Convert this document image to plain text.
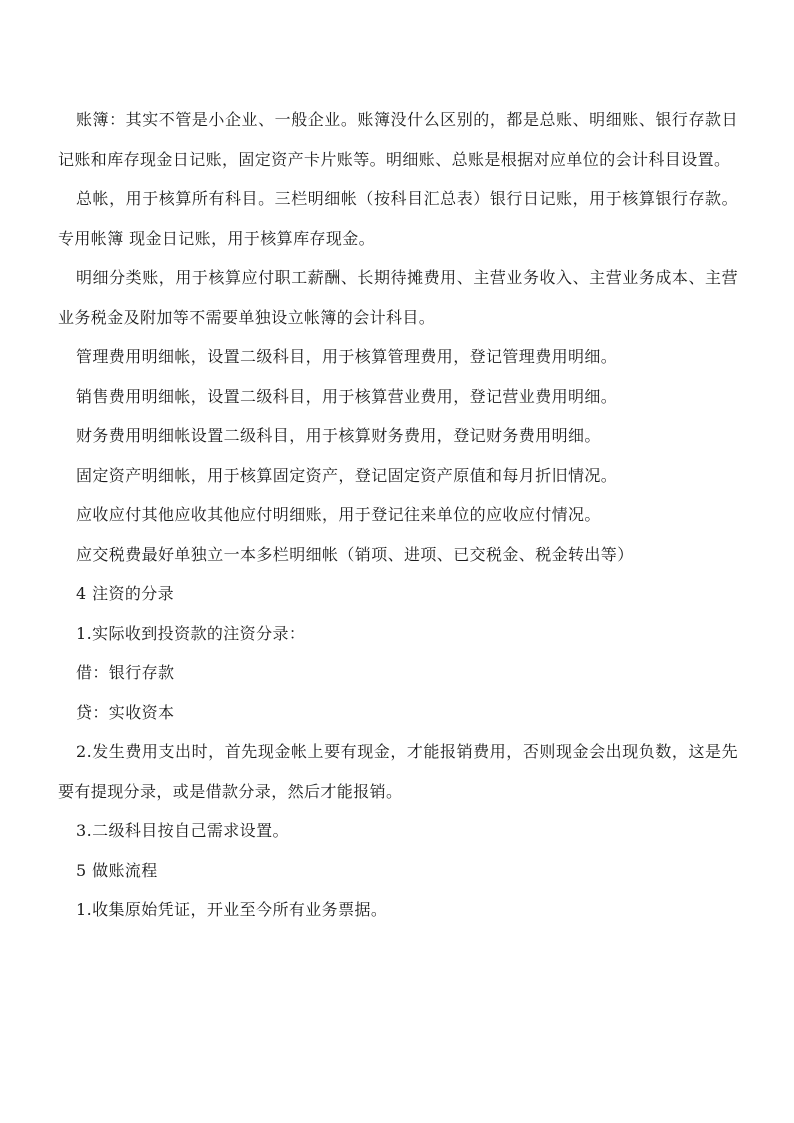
账簿：其实不管是小企业、一般企业。账簿没什么区别的，都是总账、明细账、银行存款日记账和库存现金日记账，固定资产卡片账等。明细账、总账是根据对应单位的会计科目设置。

总帐，用于核算所有科目。三栏明细帐（按科目汇总表）银行日记账，用于核算银行存款。专用帐簿 现金日记账，用于核算库存现金。

明细分类账，用于核算应付职工薪酬、长期待摊费用、主营业务收入、主营业务成本、主营业务税金及附加等不需要单独设立帐簿的会计科目。

管理费用明细帐，设置二级科目，用于核算管理费用，登记管理费用明细。

销售费用明细帐，设置二级科目，用于核算营业费用，登记营业费用明细。

财务费用明细帐设置二级科目，用于核算财务费用，登记财务费用明细。

固定资产明细帐，用于核算固定资产，登记固定资产原值和每月折旧情况。

应收应付其他应收其他应付明细账，用于登记往来单位的应收应付情况。

应交税费最好单独立一本多栏明细帐（销项、进项、已交税金、税金转出等）

4 注资的分录

1.实际收到投资款的注资分录：

借：银行存款

贷：实收资本

2.发生费用支出时，首先现金帐上要有现金，才能报销费用，否则现金会出现负数，这是先要有提现分录，或是借款分录，然后才能报销。

3.二级科目按自己需求设置。

5 做账流程

1.收集原始凭证，开业至今所有业务票据。
